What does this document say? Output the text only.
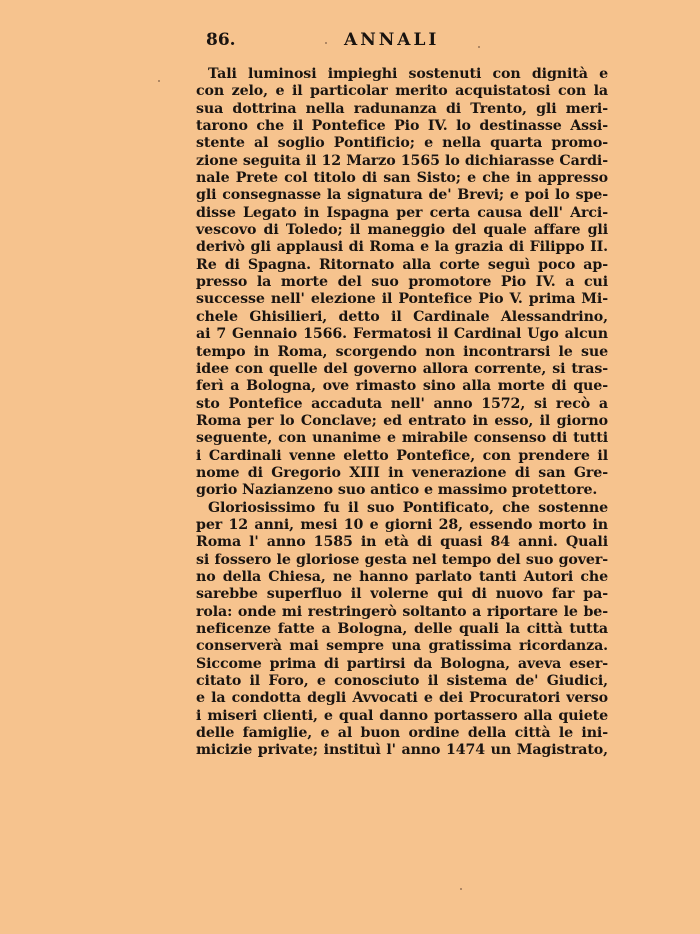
86.	ANNALI
Tali luminosi impieghi sostenuti con dignità e
con zelo, e il particolar merito acquistatosi con la
sua dottrina nella radunanza di Trento, gli meri-
tarono che il Pontefice Pio IV. lo destinasse Assi-
stente al soglio Pontificio; e nella quarta promo-
zione seguita il 12 Marzo 1565 lo dichiarasse Cardi-
nale Prete col titolo di san Sisto; e che in appresso
gli consegnasse la signatura de' Brevi; e poi lo spe-
disse Legato in Ispagna per certa causa dell' Arci-
vescovo di Toledo; il maneggio del quale affare gli
derivò gli applausi di Roma e la grazia di Filippo II.
Re di Spagna. Ritornato alla corte seguì poco ap-
presso la morte del suo promotore Pio IV. a cui
successe nell' elezione il Pontefice Pio V. prima Mi-
chele Ghisilieri, detto il Cardinale Alessandrino,
ai 7 Gennaio 1566. Fermatosi il Cardinal Ugo alcun
tempo in Roma, scorgendo non incontrarsi le sue
idee con quelle del governo allora corrente, si tras-
ferì a Bologna, ove rimasto sino alla morte di que-
sto Pontefice accaduta nell' anno 1572, si recò a
Roma per lo Conclave; ed entrato in esso, il giorno
seguente, con unanime e mirabile consenso di tutti
i Cardinali venne eletto Pontefice, con prendere il
nome di Gregorio XIII in venerazione di san Gre-
gorio Nazianzeno suo antico e massimo protettore.
Gloriosissimo fu il suo Pontificato, che sostenne
per 12 anni, mesi 10 e giorni 28, essendo morto in
Roma l' anno 1585 in età di quasi 84 anni. Quali
si fossero le gloriose gesta nel tempo del suo gover-
no della Chiesa, ne hanno parlato tanti Autori che
sarebbe superfluo il volerne qui di nuovo far pa-
rola: onde mi restringerò soltanto a riportare le be-
neficenze fatte a Bologna, delle quali la città tutta
conserverà mai sempre una gratissima ricordanza.
Siccome prima di partirsi da Bologna, aveva eser-
citato il Foro, e conosciuto il sistema de' Giudici,
e la condotta degli Avvocati e dei Procuratori verso
i miseri clienti, e qual danno portassero alla quiete
delle famiglie, e al buon ordine della città le ini-
micizie private; instituì l' anno 1474 un Magistrato,
